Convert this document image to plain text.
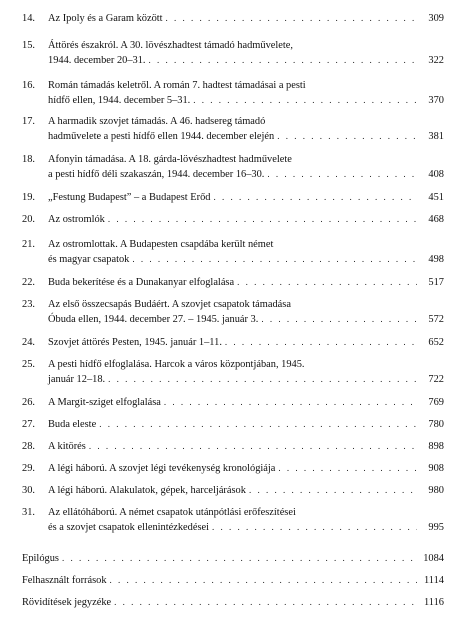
14.	Az Ipoly és a Garam között . . .	309
15.	Áttörés északról. A 30. lövészhadtest támadó hadművelete,
1944. december 20–31. . . .	322
16.	Román támadás keletről. A román 7. hadtest támadásai a pesti
hídfő ellen, 1944. december 5–31. . . .	370
17.	A harmadik szovjet támadás. A 46. hadsereg támadó
hadművelete a pesti hídfő ellen 1944. december elején . . .	381
18.	Afonyin támadása. A 18. gárda-lövészhadtest hadművelete
a pesti hídfő déli szakaszán, 1944. december 16–30. . . .	408
19.	„Festung Budapest” – a Budapest Erőd . . .	451
20.	Az ostromlók . . .	468
21.	Az ostromlottak. A Budapesten csapdába került német
és magyar csapatok . . .	498
22.	Buda bekerítése és a Dunakanyar elfoglalása . . .	517
23.	Az első összecsapás Budáért. A szovjet csapatok támadása
Óbuda ellen, 1944. december 27. – 1945. január 3. . . .	572
24.	Szovjet áttörés Pesten, 1945. január 1–11. . . .	652
25.	A pesti hídfő elfoglalása. Harcok a város központjában, 1945.
január 12–18. . . .	722
26.	A Margit-sziget elfoglalása . . .	769
27.	Buda eleste . . .	780
28.	A kitörés . . .	898
29.	A légi háború. A szovjet légi tevékenység kronológiája . . .	908
30.	A légi háború. Alakulatok, gépek, harceljárások . . .	980
31.	Az ellátóháború. A német csapatok utánpótlási erőfeszítései
és a szovjet csapatok ellenintézkedései . . .	995
Epilógus . . .	1084
Felhasznált források . . .	1114
Rövidítések jegyzéke . . .	1116
